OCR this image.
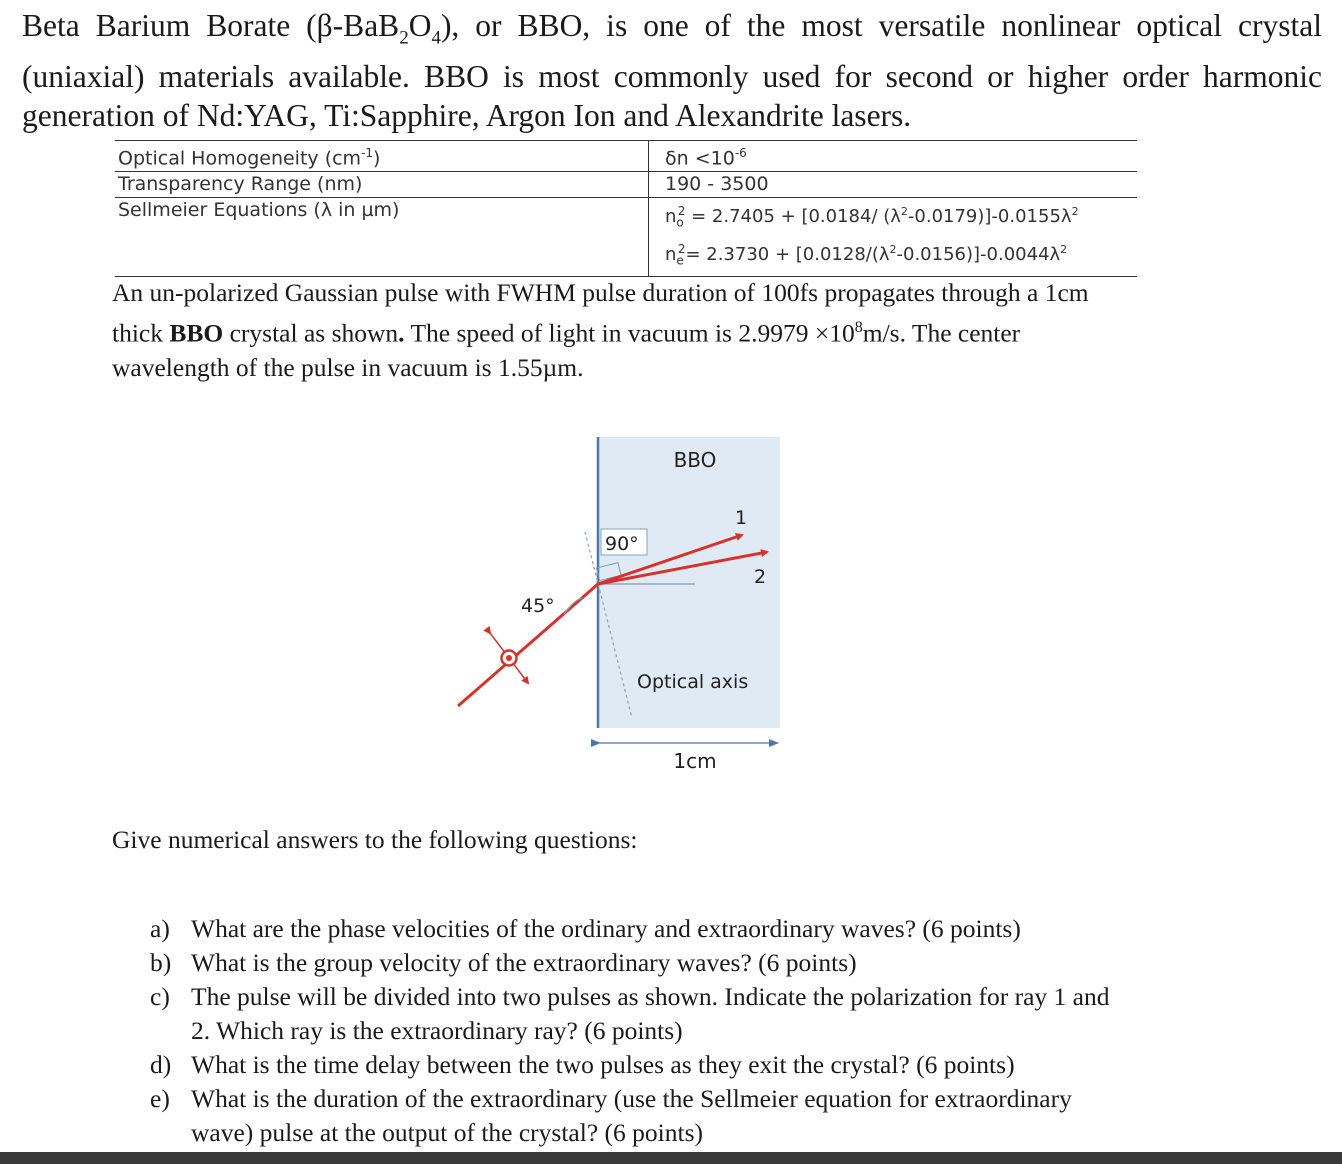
Beta Barium Borate $(\beta-BaB_2O_4)$, or BBO, is one of the most versatile nonlinear optical crystal (uniaxial) materials available. BBO is most commonly used for second or higher order harmonic generation of Nd:YAG, Ti:Sapphire, Argon Ion and Alexandrite lasers.

Optical Homogeneity $(cm^{-1})$	$\delta n <10^{-6}$
Transparency Range (nm)	190 - 3500
Sellmeier Equations (λ in µm)	$n_o^2 = 2.7405 + [0.0184/$ $(\lambda^2-0.0179)]-0.0155\lambda^2$
$n_e^2= 2.3730 + [0.0128/(\lambda^2-0.0156)]-0.0044\lambda^2$

An un-polarized Gaussian pulse with FWHM pulse duration of 100fs propagates through a 1cm thick BBO crystal as shown. The speed of light in vacuum is $2.9979 \times 10^8m/s$. The center wavelength of the pulse in vacuum is 1.55µm.

BBO
90°
1
2
45°
Optical axis
1cm

Give numerical answers to the following questions:

a) What are the phase velocities of the ordinary and extraordinary waves? (6 points)
b) What is the group velocity of the extraordinary waves? (6 points)
c) The pulse will be divided into two pulses as shown. Indicate the polarization for ray 1 and 2. Which ray is the extraordinary ray? (6 points)
d) What is the time delay between the two pulses as they exit the crystal? (6 points)
e) What is the duration of the extraordinary (use the Sellmeier equation for extraordinary wave) pulse at the output of the crystal? (6 points)
